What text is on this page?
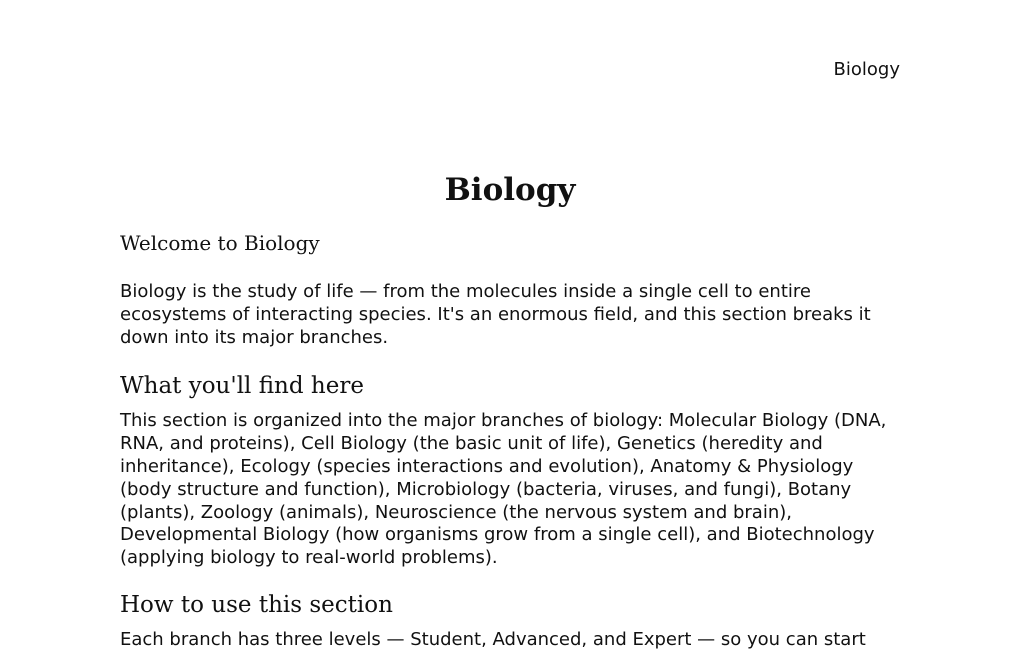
Biology
Biology
Welcome to Biology

Biology is the study of life — from the molecules inside a single cell to entire ecosystems of interacting species. It's an enormous field, and this section breaks it down into its major branches.

What you'll find here

This section is organized into the major branches of biology: Molecular Biology (DNA, RNA, and proteins), Cell Biology (the basic unit of life), Genetics (heredity and inheritance), Ecology (species interactions and evolution), Anatomy & Physiology (body structure and function), Microbiology (bacteria, viruses, and fungi), Botany (plants), Zoology (animals), Neuroscience (the nervous system and brain), Developmental Biology (how organisms grow from a single cell), and Biotechnology (applying biology to real-world problems).

How to use this section

Each branch has three levels — Student, Advanced, and Expert — so you can start
